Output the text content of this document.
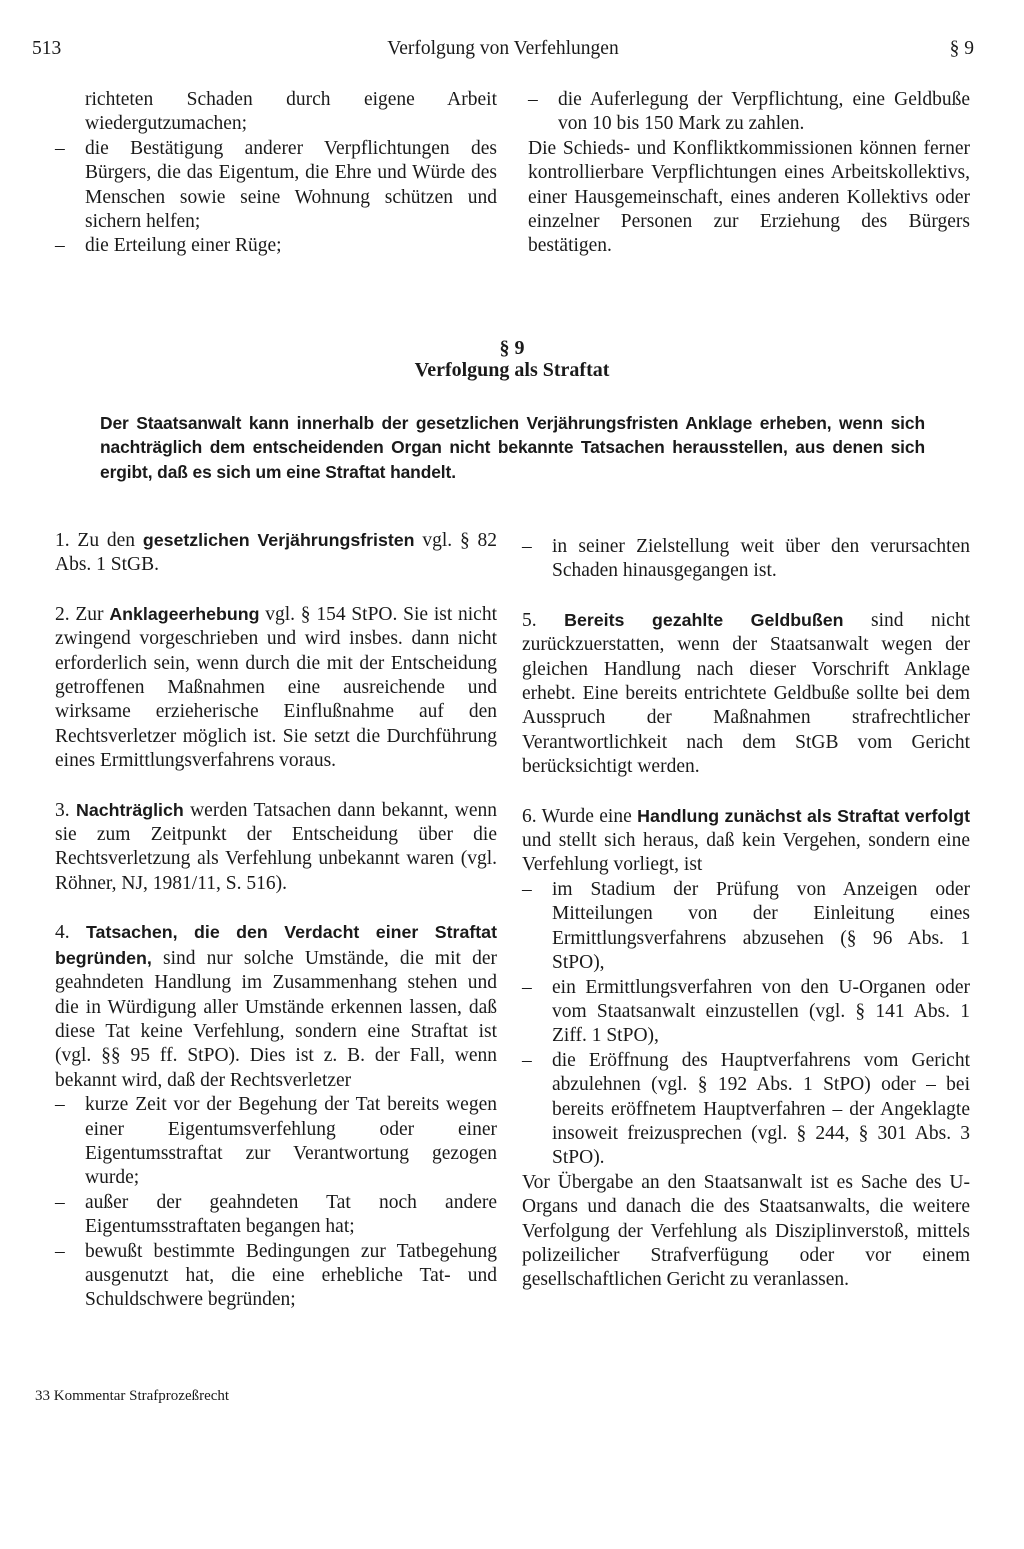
513	Verfolgung von Verfehlungen	§ 9

richteten Schaden durch eigene Arbeit wiedergutzumachen;

– die Bestätigung anderer Verpflichtungen des Bürgers, die das Eigentum, die Ehre und Würde des Menschen sowie seine Wohnung schützen und sichern helfen;
– die Erteilung einer Rüge;
– die Auferlegung der Verpflichtung, eine Geldbuße von 10 bis 150 Mark zu zahlen.

Die Schieds- und Konfliktkommissionen können ferner kontrollierbare Verpflichtungen eines Arbeitskollektivs, einer Hausgemeinschaft, eines anderen Kollektivs oder einzelner Personen zur Erziehung des Bürgers bestätigen.

§ 9
Verfolgung als Straftat
Der Staatsanwalt kann innerhalb der gesetzlichen Verjährungsfristen Anklage erheben, wenn sich nachträglich dem entscheidenden Organ nicht bekannte Tatsachen herausstellen, aus denen sich ergibt, daß es sich um eine Straftat handelt.

1. Zu den gesetzlichen Verjährungsfristen vgl. § 82 Abs. 1 StGB.

2. Zur Anklageerhebung vgl. § 154 StPO. Sie ist nicht zwingend vorgeschrieben und wird insbes. dann nicht erforderlich sein, wenn durch die mit der Entscheidung getroffenen Maßnahmen eine ausreichende und wirksame erzieherische Einflußnahme auf den Rechtsverletzer möglich ist. Sie setzt die Durchführung eines Ermittlungsverfahrens voraus.

3. Nachträglich werden Tatsachen dann bekannt, wenn sie zum Zeitpunkt der Entscheidung über die Rechtsverletzung als Verfehlung unbekannt waren (vgl. Röhner, NJ, 1981/11, S. 516).

4. Tatsachen, die den Verdacht einer Straftat begründen, sind nur solche Umstände, die mit der geahndeten Handlung im Zusammenhang stehen und die in Würdigung aller Umstände erkennen lassen, daß diese Tat keine Verfehlung, sondern eine Straftat ist (vgl. §§ 95 ff. StPO). Dies ist z. B. der Fall, wenn bekannt wird, daß der Rechtsverletzer

– kurze Zeit vor der Begehung der Tat bereits wegen einer Eigentumsverfehlung oder einer Eigentumsstraftat zur Verantwortung gezogen wurde;
– außer der geahndeten Tat noch andere Eigentumsstraftaten begangen hat;
– bewußt bestimmte Bedingungen zur Tatbegehung ausgenutzt hat, die eine erhebliche Tat- und Schuldschwere begründen;
– in seiner Zielstellung weit über den verursachten Schaden hinausgegangen ist.

5. Bereits gezahlte Geldbußen sind nicht zurückzuerstatten, wenn der Staatsanwalt wegen der gleichen Handlung nach dieser Vorschrift Anklage erhebt. Eine bereits entrichtete Geldbuße sollte bei dem Ausspruch der Maßnahmen strafrechtlicher Verantwortlichkeit nach dem StGB vom Gericht berücksichtigt werden.

6. Wurde eine Handlung zunächst als Straftat verfolgt und stellt sich heraus, daß kein Vergehen, sondern eine Verfehlung vorliegt, ist

– im Stadium der Prüfung von Anzeigen oder Mitteilungen von der Einleitung eines Ermittlungsverfahrens abzusehen (§ 96 Abs. 1 StPO),
– ein Ermittlungsverfahren von den U-Organen oder vom Staatsanwalt einzustellen (vgl. § 141 Abs. 1 Ziff. 1 StPO),
– die Eröffnung des Hauptverfahrens vom Gericht abzulehnen (vgl. § 192 Abs. 1 StPO) oder – bei bereits eröffnetem Hauptverfahren – der Angeklagte insoweit freizusprechen (vgl. § 244, § 301 Abs. 3 StPO).

Vor Übergabe an den Staatsanwalt ist es Sache des U-Organs und danach die des Staatsanwalts, die weitere Verfolgung der Verfehlung als Disziplinverstoß, mittels polizeilicher Strafverfügung oder vor einem gesellschaftlichen Gericht zu veranlassen.

33 Kommentar Strafprozeßrecht
